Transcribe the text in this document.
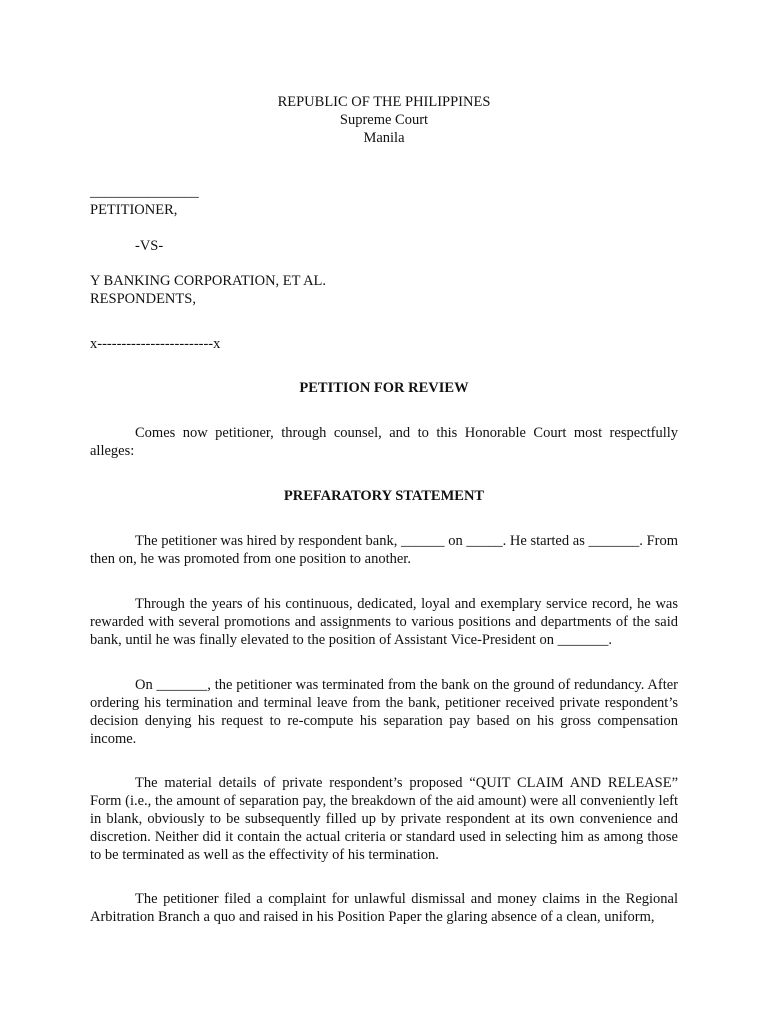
REPUBLIC OF THE PHILIPPINES
Supreme Court
Manila
_______________
PETITIONER,
-VS-
Y BANKING CORPORATION, ET AL.
RESPONDENTS,
x------------------------x
PETITION FOR REVIEW
Comes now petitioner, through counsel, and to this Honorable Court most respectfully alleges:
PREFARATORY STATEMENT
The petitioner was hired by respondent bank, ______ on _____. He started as _______. From then on, he was promoted from one position to another.
Through the years of his continuous, dedicated, loyal and exemplary service record, he was rewarded with several promotions and assignments to various positions and departments of the said bank, until he was finally elevated to the position of Assistant Vice-President on _______.
On _______, the petitioner was terminated from the bank on the ground of redundancy. After ordering his termination and terminal leave from the bank, petitioner received private respondent’s decision denying his request to re-compute his separation pay based on his gross compensation income.
The material details of private respondent’s proposed “QUIT CLAIM AND RELEASE” Form (i.e., the amount of separation pay, the breakdown of the aid amount) were all conveniently left in blank, obviously to be subsequently filled up by private respondent at its own convenience and discretion. Neither did it contain the actual criteria or standard used in selecting him as among those to be terminated as well as the effectivity of his termination.
The petitioner filed a complaint for unlawful dismissal and money claims in the Regional Arbitration Branch a quo and raised in his Position Paper the glaring absence of a clean, uniform,
